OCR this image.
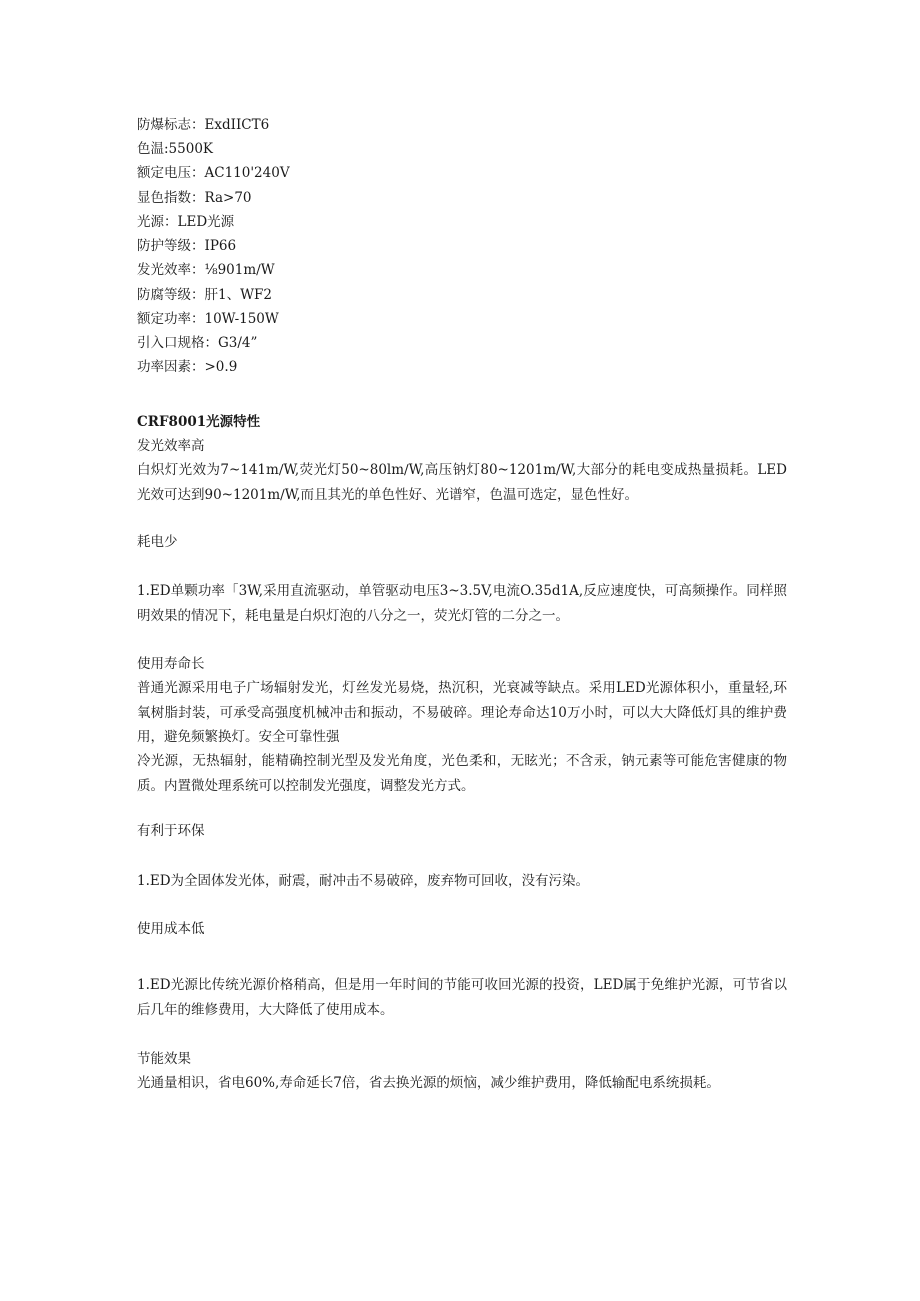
防爆标志：ExdIICT6
色温:5500K
额定电压：AC110'240V
显色指数：Ra>70
光源：LED光源
防护等级：IP66
发光效率：⅛901m∕W
防腐等级：肝1、WF2
额定功率：10W-150W
引入口规格：G3/4”
功率因素：>0.9
CRF8001光源特性
发光效率高
白炽灯光效为7~141m∕W,荧光灯50~80lm∕W,高压钠灯80~1201m∕W,大部分的耗电变成热量损耗。LED光效可达到90~1201m∕W,而且其光的单色性好、光谱窄，色温可选定，显色性好。
耗电少
1.ED单颗功率「3W,采用直流驱动，单管驱动电压3~3.5V,电流O.35d1A,反应速度快，可高频操作。同样照明效果的情况下，耗电量是白炽灯泡的八分之一，荧光灯管的二分之一。
使用寿命长
普通光源采用电子广场辐射发光，灯丝发光易烧，热沉积，光衰减等缺点。采用LED光源体积小，重量轻,环氧树脂封装，可承受高强度机械冲击和振动，不易破碎。理论寿命达10万小时，可以大大降低灯具的维护费用，避免频繁换灯。安全可靠性强
冷光源，无热辐射，能精确控制光型及发光角度，光色柔和，无眩光；不含汞，钠元素等可能危害健康的物质。内置微处理系统可以控制发光强度，调整发光方式。
有利于环保
1.ED为全固体发光体，耐震，耐冲击不易破碎，废弃物可回收，没有污染。
使用成本低
1.ED光源比传统光源价格稍高，但是用一年时间的节能可收回光源的投资，LED属于免维护光源，可节省以后几年的维修费用，大大降低了使用成本。
节能效果
光通量相识，省电60%,寿命延长7倍，省去换光源的烦恼，减少维护费用，降低输配电系统损耗。
